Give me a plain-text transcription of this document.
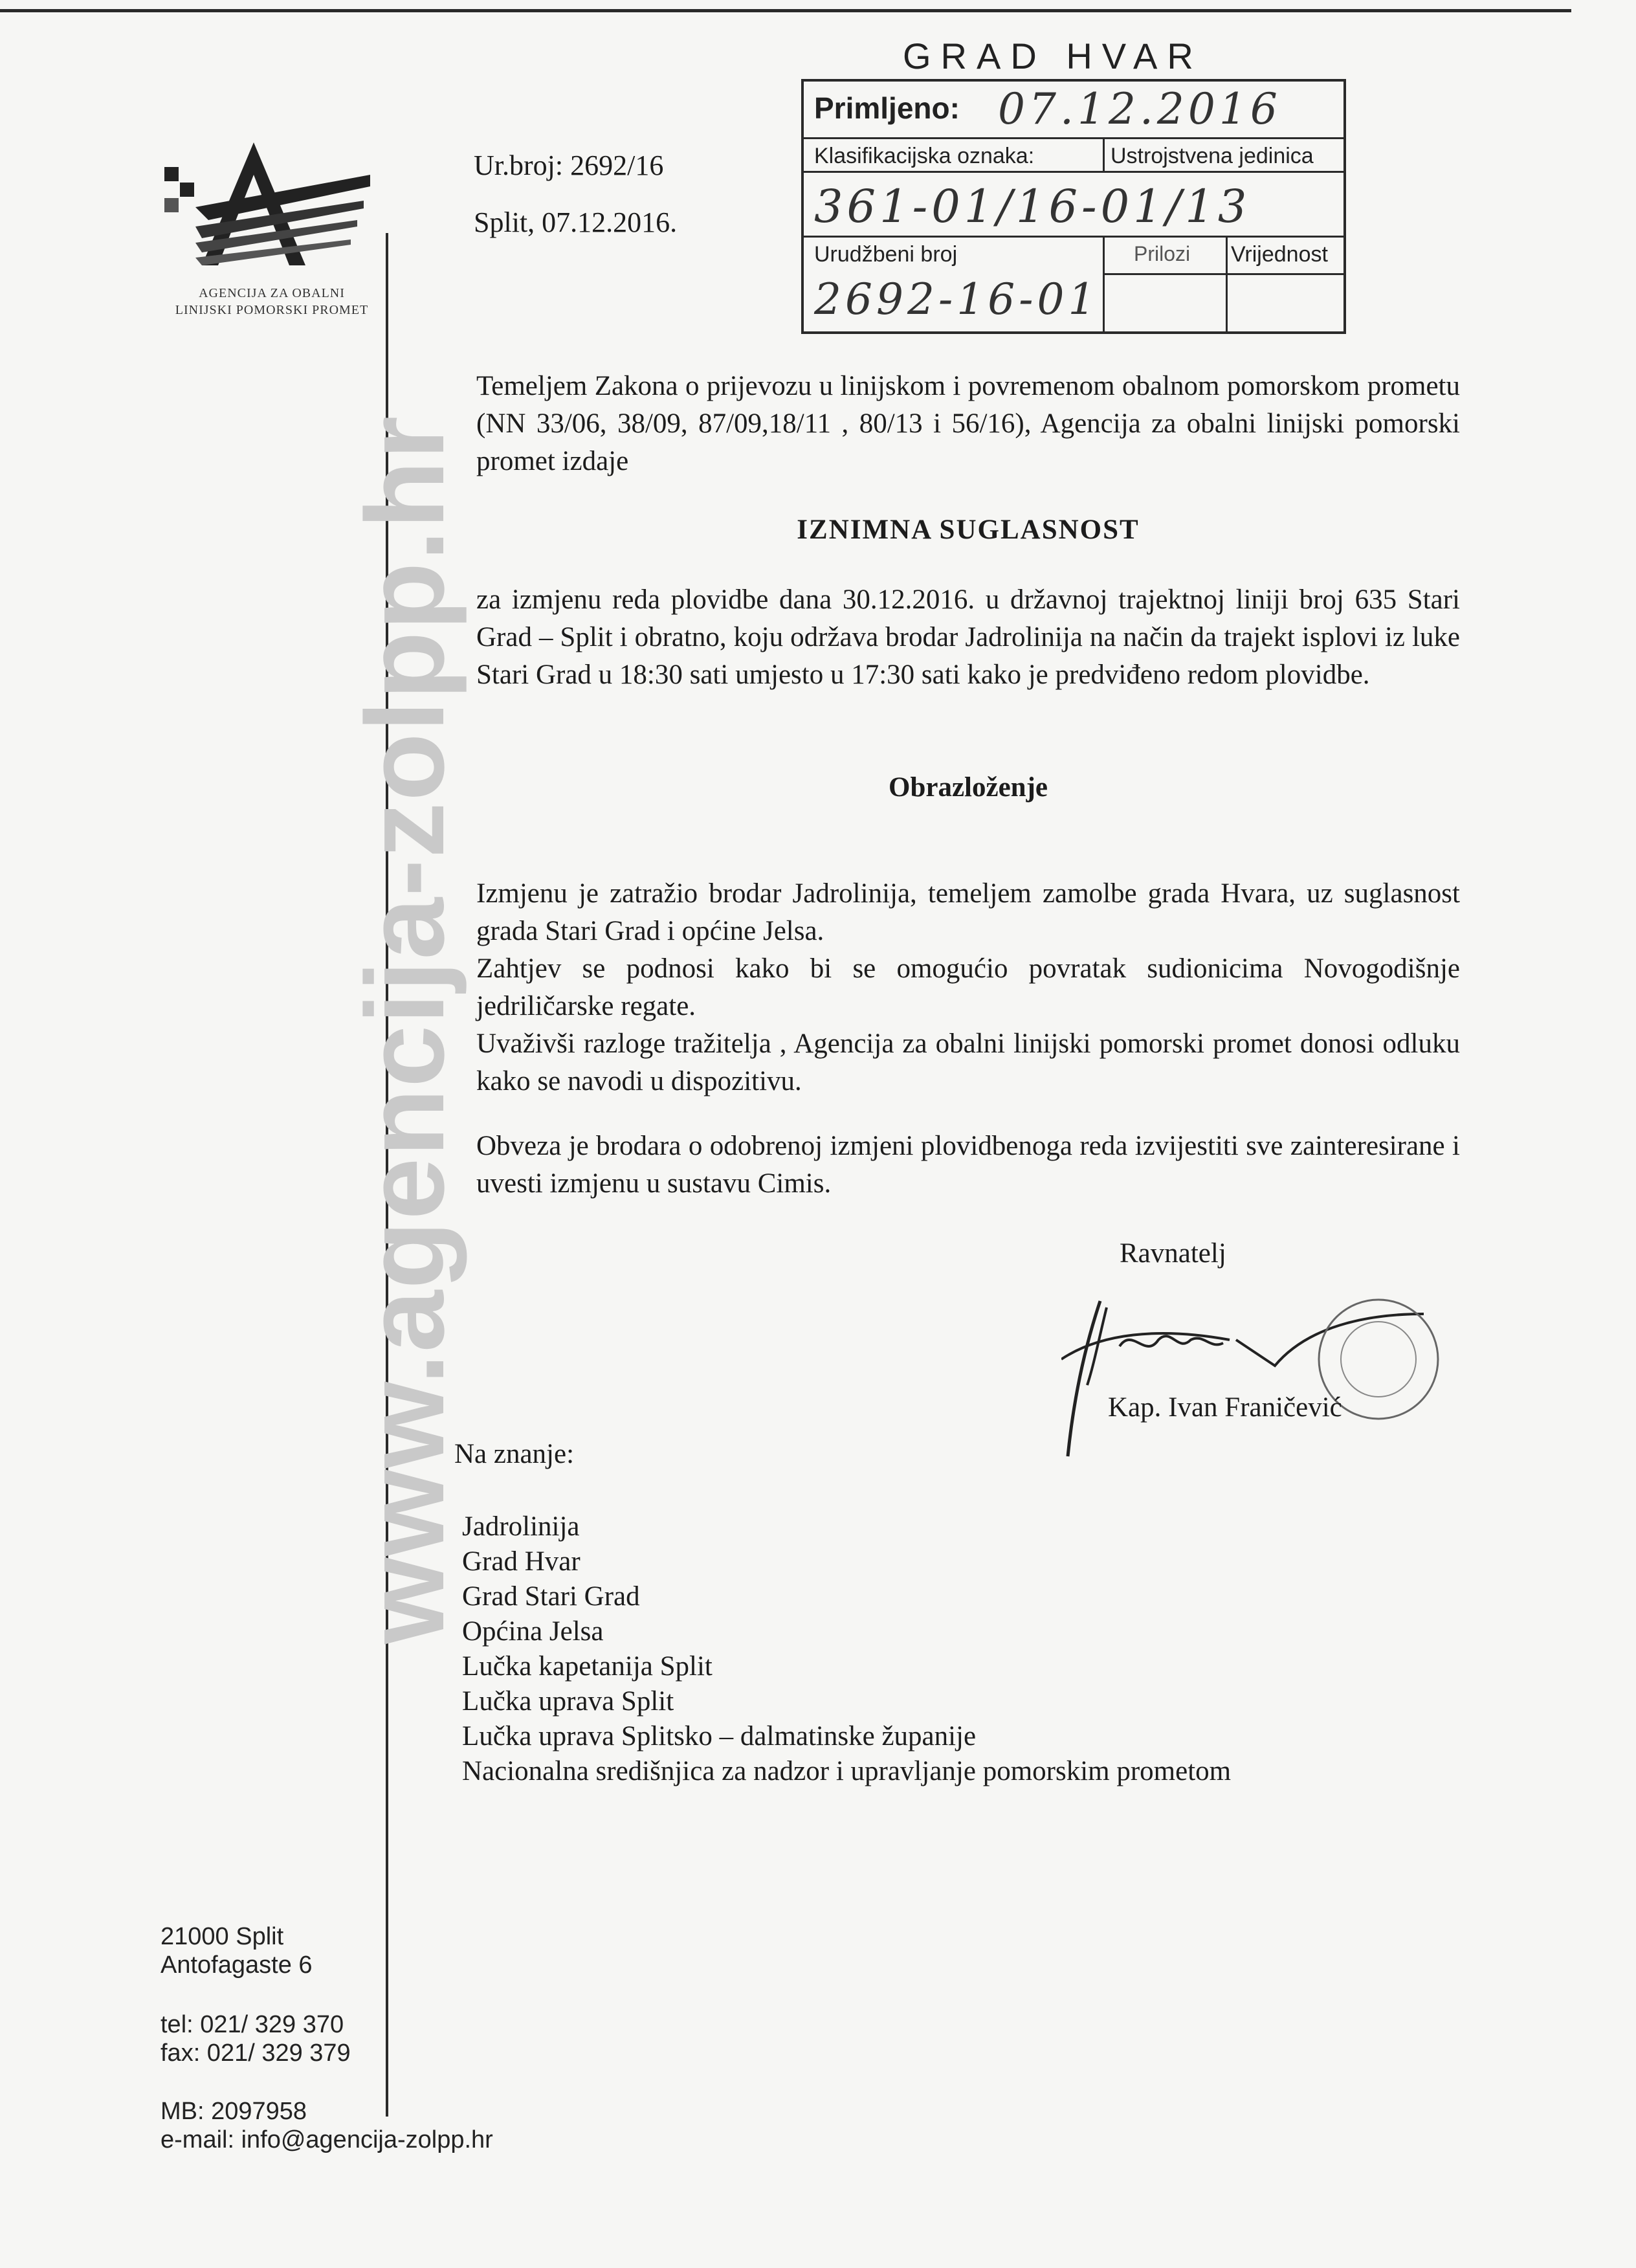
AGENCIJA ZA OBALNI
LINIJSKI POMORSKI PROMET
www.agencija-zolpp.hr
Ur.broj: 2692/16
Split, 07.12.2016.
GRAD HVAR
Primljeno: 07.12.2016
Klasifikacijska oznaka:	Ustrojstvena jedinica
361-01/16-01/13
Urudžbeni broj	Prilozi Vrijednost
2692-16-01
Temeljem Zakona o prijevozu u linijskom i povremenom obalnom pomorskom prometu (NN 33/06, 38/09, 87/09,18/11 , 80/13 i 56/16), Agencija za obalni linijski pomorski promet izdaje
IZNIMNA SUGLASNOST
za izmjenu reda plovidbe dana 30.12.2016. u državnoj trajektnoj liniji broj 635 Stari Grad – Split i obratno, koju održava brodar Jadrolinija na način da trajekt isplovi iz luke Stari Grad u 18:30 sati umjesto u 17:30 sati kako je predviđeno redom plovidbe.
Obrazloženje
Izmjenu je zatražio brodar Jadrolinija, temeljem zamolbe grada Hvara, uz suglasnost grada Stari Grad i općine Jelsa.
Zahtjev se podnosi kako bi se omogućio povratak sudionicima Novogodišnje jedriličarske regate.
Uvaživši razloge tražitelja , Agencija za obalni linijski pomorski promet donosi odluku kako se navodi u dispozitivu.
Obveza je brodara o odobrenoj izmjeni plovidbenoga reda izvijestiti sve zainteresirane i uvesti izmjenu u sustavu Cimis.
Ravnatelj
Kap. Ivan Franičević
Na znanje:
Jadrolinija
Grad Hvar
Grad Stari Grad
Općina Jelsa
Lučka kapetanija Split
Lučka uprava Split
Lučka uprava Splitsko – dalmatinske županije
Nacionalna središnjica za nadzor i upravljanje pomorskim prometom
21000 Split
Antofagaste 6
tel: 021/ 329 370
fax: 021/ 329 379
MB: 2097958
e-mail: info@agencija-zolpp.hr
